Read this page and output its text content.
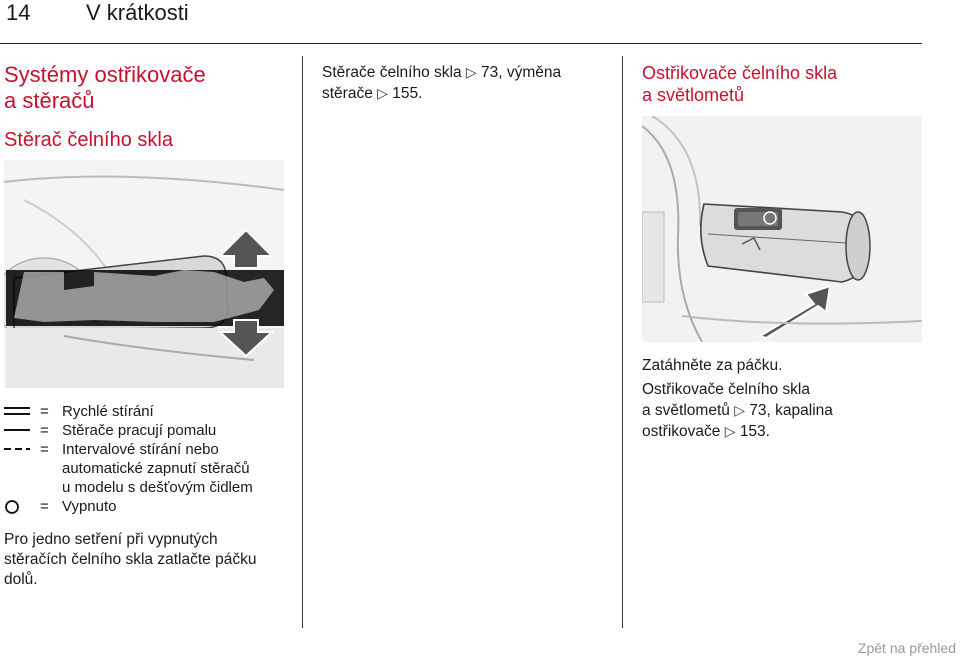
14	V krátkosti
Systémy ostřikovače
a stěračů
Stěrač čelního skla
= Rychlé stírání
= Stěrače pracují pomalu
= Intervalové stírání nebo
automatické zapnutí stěračů
u modelu s dešťovým čidlem
= Vypnuto
Pro jedno setření při vypnutých
stěračích čelního skla zatlačte páčku
dolů.
Stěrače čelního skla ▷ 73, výměna
stěrače ▷ 155.
Ostřikovače čelního skla
a světlometů
Zatáhněte za páčku.
Ostřikovače čelního skla
a světlometů ▷ 73, kapalina
ostřikovače ▷ 153.
Zpět na přehled
